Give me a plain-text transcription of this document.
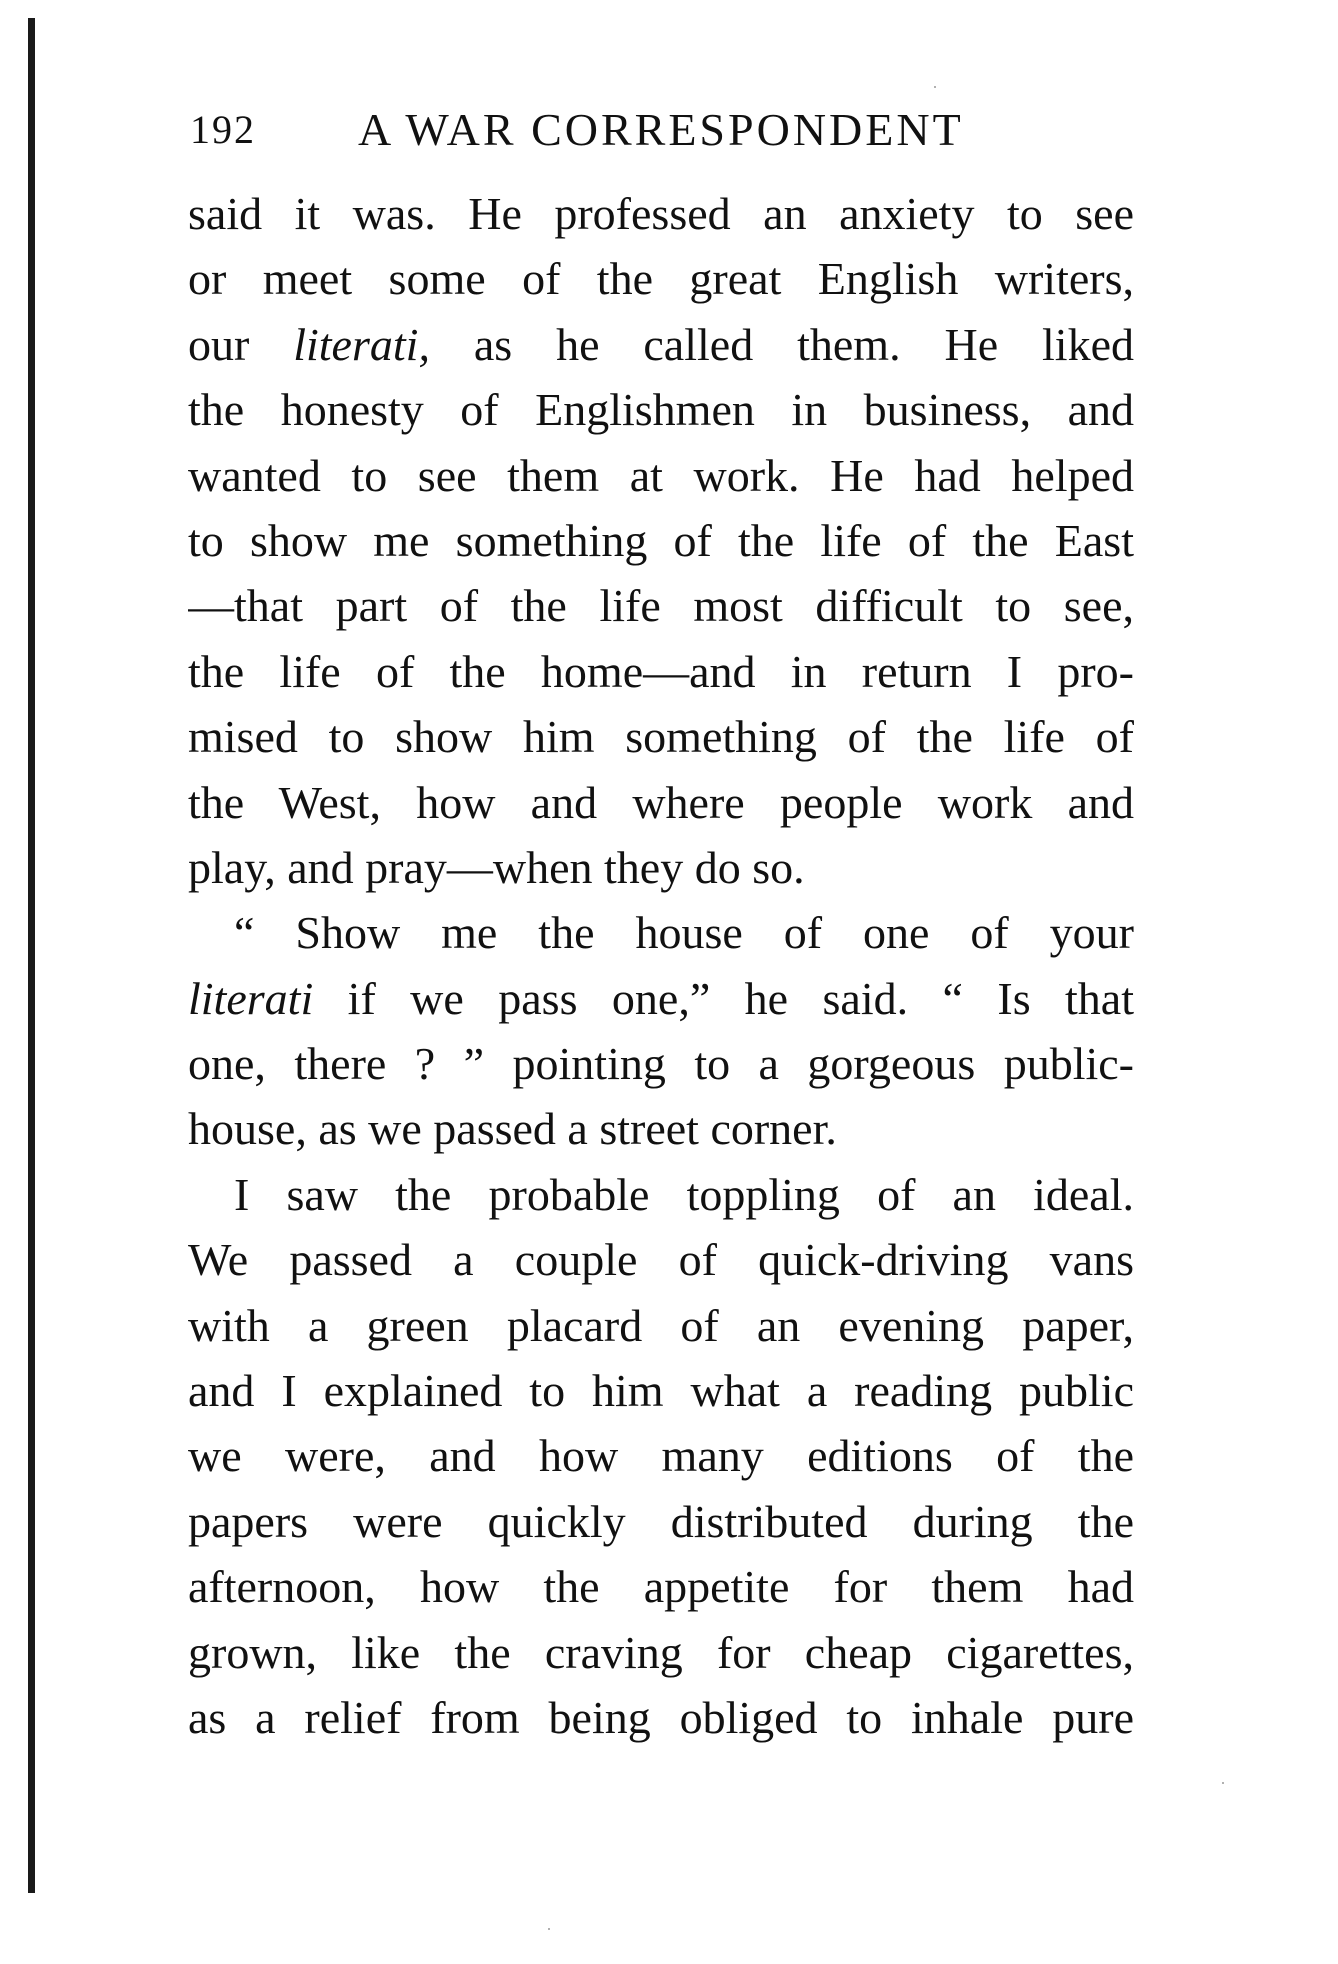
192 A WAR CORRESPONDENT
said it was. He professed an anxiety to see
or meet some of the great English writers,
our literati, as he called them. He liked
the honesty of Englishmen in business, and
wanted to see them at work. He had helped
to show me something of the life of the East
—that part of the life most difficult to see,
the life of the home—and in return I pro-
mised to show him something of the life of
the West, how and where people work and
play, and pray—when they do so.
“ Show me the house of one of your
literati if we pass one,” he said. “ Is that
one, there ? ” pointing to a gorgeous public-
house, as we passed a street corner.
I saw the probable toppling of an ideal.
We passed a couple of quick-driving vans
with a green placard of an evening paper,
and I explained to him what a reading public
we were, and how many editions of the
papers were quickly distributed during the
afternoon, how the appetite for them had
grown, like the craving for cheap cigarettes,
as a relief from being obliged to inhale pure
